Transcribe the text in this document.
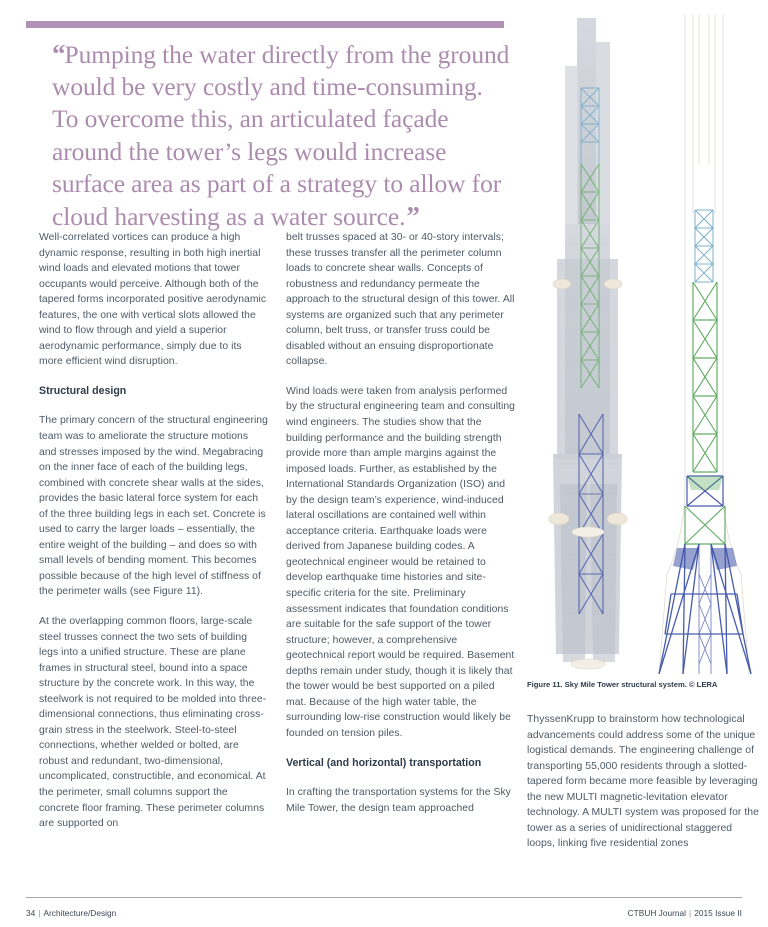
“Pumping the water directly from the ground would be very costly and time-consuming. To overcome this, an articulated façade around the tower’s legs would increase surface area as part of a strategy to allow for cloud harvesting as a water source.”

Well-correlated vortices can produce a high dynamic response, resulting in both high inertial wind loads and elevated motions that tower occupants would perceive. Although both of the tapered forms incorporated positive aerodynamic features, the one with vertical slots allowed the wind to flow through and yield a superior aerodynamic performance, simply due to its more efficient wind disruption.

Structural design

The primary concern of the structural engineering team was to ameliorate the structure motions and stresses imposed by the wind. Megabracing on the inner face of each of the building legs, combined with concrete shear walls at the sides, provides the basic lateral force system for each of the three building legs in each set. Concrete is used to carry the larger loads – essentially, the entire weight of the building – and does so with small levels of bending moment. This becomes possible because of the high level of stiffness of the perimeter walls (see Figure 11).

At the overlapping common floors, large-scale steel trusses connect the two sets of building legs into a unified structure. These are plane frames in structural steel, bound into a space structure by the concrete work. In this way, the steelwork is not required to be molded into three-dimensional connections, thus eliminating cross-grain stress in the steelwork. Steel-to-steel connections, whether welded or bolted, are robust and redundant, two-dimensional, uncomplicated, constructible, and economical. At the perimeter, small columns support the concrete floor framing. These perimeter columns are supported on

belt trusses spaced at 30- or 40-story intervals; these trusses transfer all the perimeter column loads to concrete shear walls. Concepts of robustness and redundancy permeate the approach to the structural design of this tower. All systems are organized such that any perimeter column, belt truss, or transfer truss could be disabled without an ensuing disproportionate collapse.

Wind loads were taken from analysis performed by the structural engineering team and consulting wind engineers. The studies show that the building performance and the building strength provide more than ample margins against the imposed loads. Further, as established by the International Standards Organization (ISO) and by the design team’s experience, wind-induced lateral oscillations are contained well within acceptance criteria. Earthquake loads were derived from Japanese building codes. A geotechnical engineer would be retained to develop earthquake time histories and site-specific criteria for the site. Preliminary assessment indicates that foundation conditions are suitable for the safe support of the tower structure; however, a comprehensive geotechnical report would be required. Basement depths remain under study, though it is likely that the tower would be best supported on a piled mat. Because of the high water table, the surrounding low-rise construction would likely be founded on tension piles.

Vertical (and horizontal) transportation

In crafting the transportation systems for the Sky Mile Tower, the design team approached

Figure 11. Sky Mile Tower structural system. © LERA

ThyssenKrupp to brainstorm how technological advancements could address some of the unique logistical demands. The engineering challenge of transporting 55,000 residents through a slotted-tapered form became more feasible by leveraging the new MULTI magnetic-levitation elevator technology. A MULTI system was proposed for the tower as a series of unidirectional staggered loops, linking five residential zones

34 | Architecture/Design	CTBUH Journal | 2015 Issue II
